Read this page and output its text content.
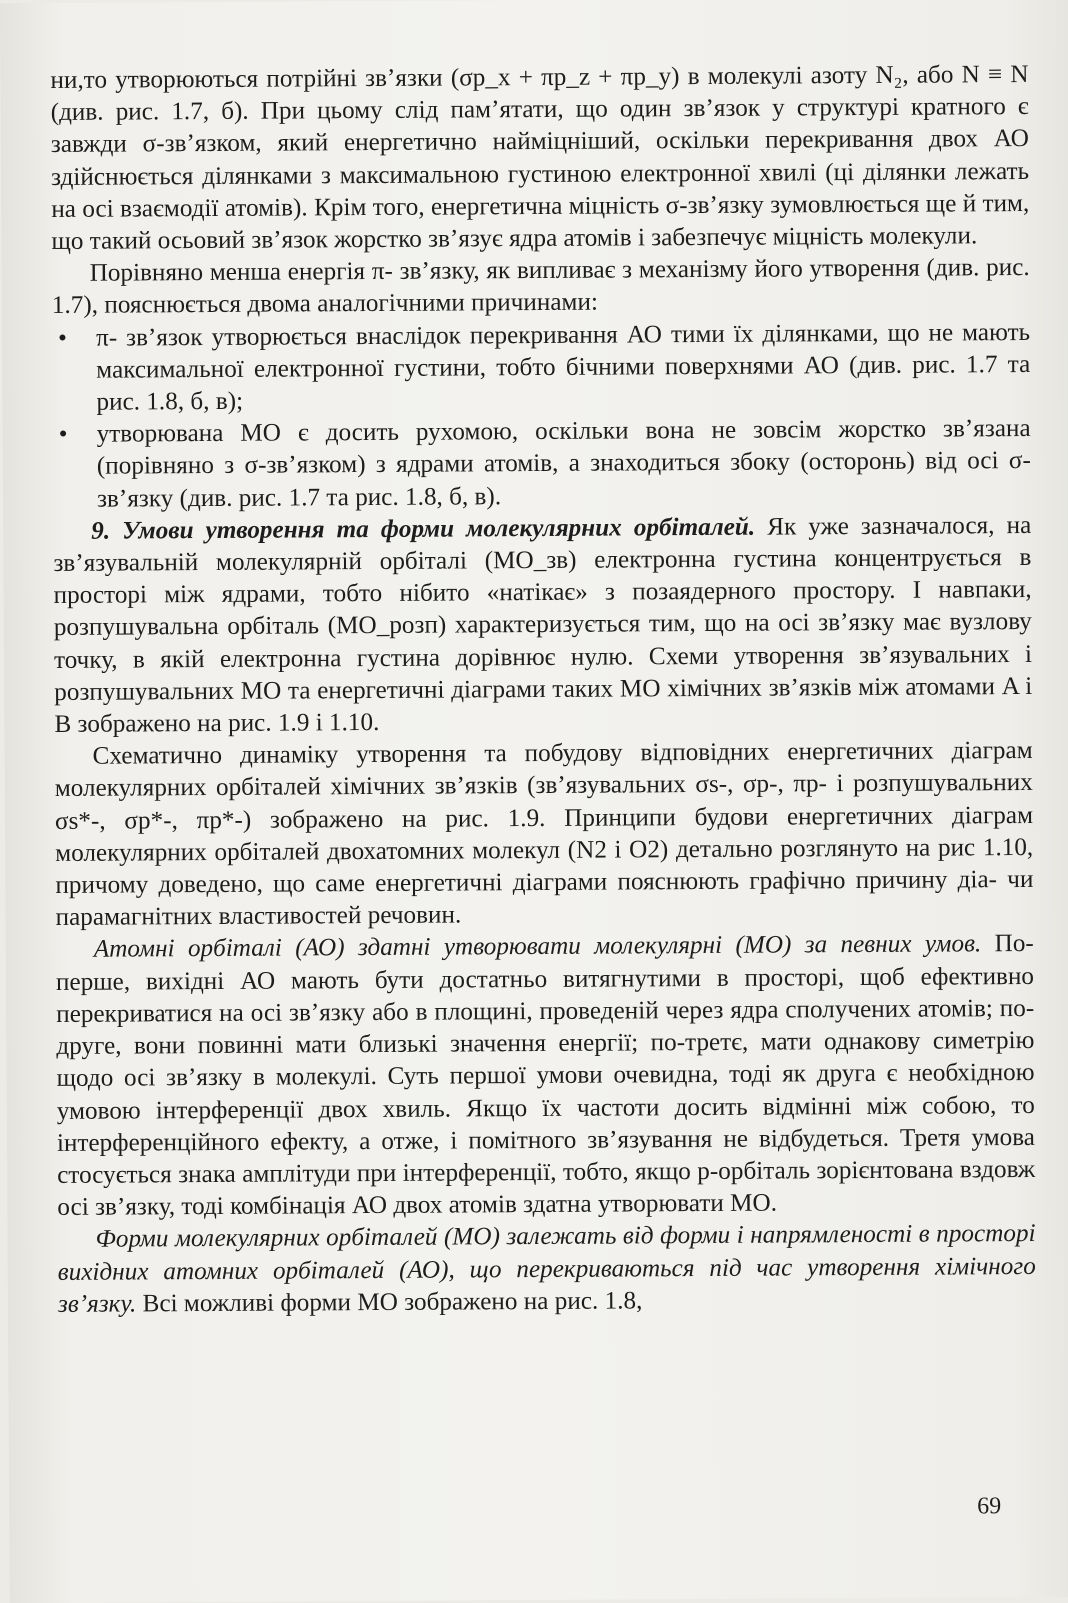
ни,то утворюються потрійні зв’язки (σp_x + πp_z + πp_y) в молекулі азоту N₂, або N ≡ N (див. рис. 1.7, б). При цьому слід пам’ятати, що один зв’язок у структурі кратного є завжди σ-зв’язком, який енергетично найміцніший, оскільки перекривання двох АО здійснюється ділянками з максимальною густиною електронної хвилі (ці ділянки лежать на осі взаємодії атомів). Крім того, енергетична міцність σ-зв’язку зумовлюється ще й тим, що такий осьовий зв’язок жорстко зв’язує ядра атомів і забезпечує міцність молекули.

Порівняно менша енергія π- зв’язку, як випливає з механізму його утворення (див. рис. 1.7), пояснюється двома аналогічними причинами:

• π- зв’язок утворюється внаслідок перекривання АО тими їх ділянками, що не мають максимальної електронної густини, тобто бічними поверхнями АО (див. рис. 1.7 та рис. 1.8, б, в);
• утворювана МО є досить рухомою, оскільки вона не зовсім жорстко зв’язана (порівняно з σ-зв’язком) з ядрами атомів, а знаходиться збоку (осторонь) від осі σ-зв’язку (див. рис. 1.7 та рис. 1.8, б, в).

9. Умови утворення та форми молекулярних орбіталей. Як уже зазначалося, на зв’язувальній молекулярній орбіталі (MO_зв) електронна густина концентрується в просторі між ядрами, тобто нібито «натікає» з позаядерного простору. І навпаки, розпушувальна орбіталь (MO_розп) характеризується тим, що на осі зв’язку має вузлову точку, в якій електронна густина дорівнює нулю. Схеми утворення зв’язувальних і розпушувальних МО та енергетичні діаграми таких МО хімічних зв’язків між атомами A і B зображено на рис. 1.9 і 1.10.

Схематично динаміку утворення та побудову відповідних енергетичних діаграм молекулярних орбіталей хімічних зв’язків (зв’язувальних σs-, σp-, πp- і розпушувальних σs*-, σp*-, πp*-) зображено на рис. 1.9. Принципи будови енергетичних діаграм молекулярних орбіталей двохатомних молекул (N2 і O2) детально розглянуто на рис 1.10, причому доведено, що саме енергетичні діаграми пояснюють графічно причину діа- чи парамагнітних властивостей речовин.

Атомні орбіталі (АО) здатні утворювати молекулярні (МО) за певних умов. По-перше, вихідні АО мають бути достатньо витягнутими в просторі, щоб ефективно перекриватися на осі зв’язку або в площині, проведеній через ядра сполучених атомів; по-друге, вони повинні мати близькі значення енергії; по-третє, мати однакову симетрію щодо осі зв’язку в молекулі. Суть першої умови очевидна, тоді як друга є необхідною умовою інтерференції двох хвиль. Якщо їх частоти досить відмінні між собою, то інтерференційного ефекту, а отже, і помітного зв’язування не відбудеться. Третя умова стосується знака амплітуди при інтерференції, тобто, якщо p-орбіталь зорієнтована вздовж осі зв’язку, тоді комбінація АО двох атомів здатна утворювати МО.

Форми молекулярних орбіталей (МО) залежать від форми і напрямленості в просторі вихідних атомних орбіталей (АО), що перекриваються під час утворення хімічного зв’язку. Всі можливі форми МО зображено на рис. 1.8,

69
